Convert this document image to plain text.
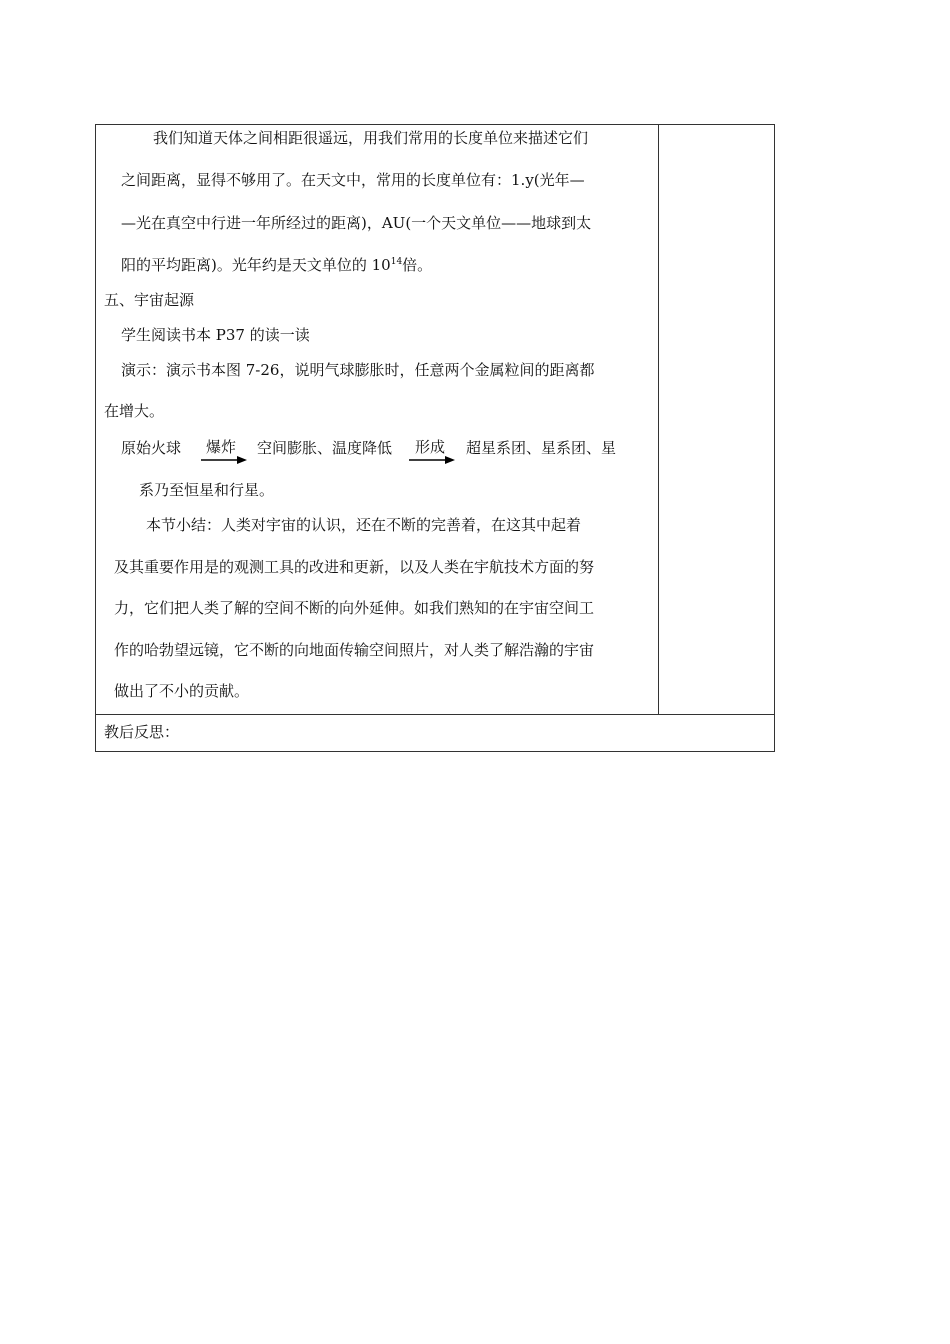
我们知道天体之间相距很遥远，用我们常用的长度单位来描述它们
之间距离，显得不够用了。在天文中，常用的长度单位有：1.y(光年—
—光在真空中行进一年所经过的距离)，AU(一个天文单位——地球到太
阳的平均距离)。光年约是天文单位的 $10^{14}$倍。
五、宇宙起源
学生阅读书本 P37 的读一读
演示：演示书本图 7-26，说明气球膨胀时，任意两个金属粒间的距离都
在增大。
原始火球 爆炸 空间膨胀、温度降低 形成 超星系团、星系团、星
系乃至恒星和行星。
本节小结：人类对宇宙的认识，还在不断的完善着，在这其中起着
及其重要作用是的观测工具的改进和更新，以及人类在宇航技术方面的努
力，它们把人类了解的空间不断的向外延伸。如我们熟知的在宇宙空间工
作的哈勃望远镜，它不断的向地面传输空间照片，对人类了解浩瀚的宇宙
做出了不小的贡献。
教后反思：
